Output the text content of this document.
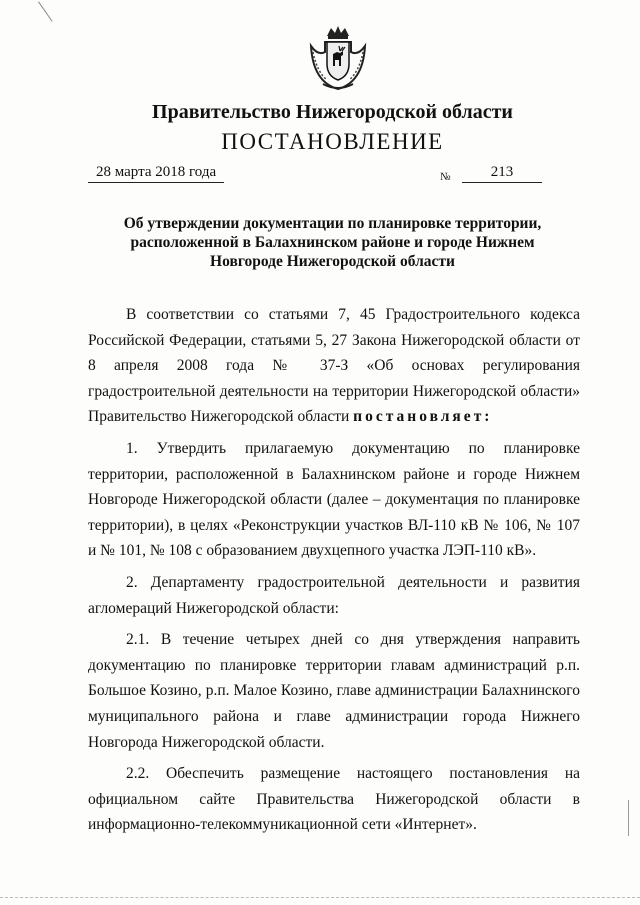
Правительство Нижегородской области
ПОСТАНОВЛЕНИЕ
28 марта 2018 года	№	213
Об утверждении документации по планировке территории,
расположенной в Балахнинском районе и городе Нижнем
Новгороде Нижегородской области

В соответствии со статьями 7, 45 Градостроительного кодекса Российской Федерации, статьями 5, 27 Закона Нижегородской области от 8 апреля 2008 года № 37-З «Об основах регулирования градостроительной деятельности на территории Нижегородской области» Правительство Нижегородской области постановляет:

1. Утвердить прилагаемую документацию по планировке территории, расположенной в Балахнинском районе и городе Нижнем Новгороде Нижегородской области (далее – документация по планировке территории), в целях «Реконструкции участков ВЛ-110 кВ № 106, № 107 и № 101, № 108 с образованием двухцепного участка ЛЭП-110 кВ».

2. Департаменту градостроительной деятельности и развития агломераций Нижегородской области:

2.1. В течение четырех дней со дня утверждения направить документацию по планировке территории главам администраций р.п. Большое Козино, р.п. Малое Козино, главе администрации Балахнинского муниципального района и главе администрации города Нижнего Новгорода Нижегородской области.

2.2. Обеспечить размещение настоящего постановления на официальном сайте Правительства Нижегородской области в информационно-телекоммуникационной сети «Интернет».
